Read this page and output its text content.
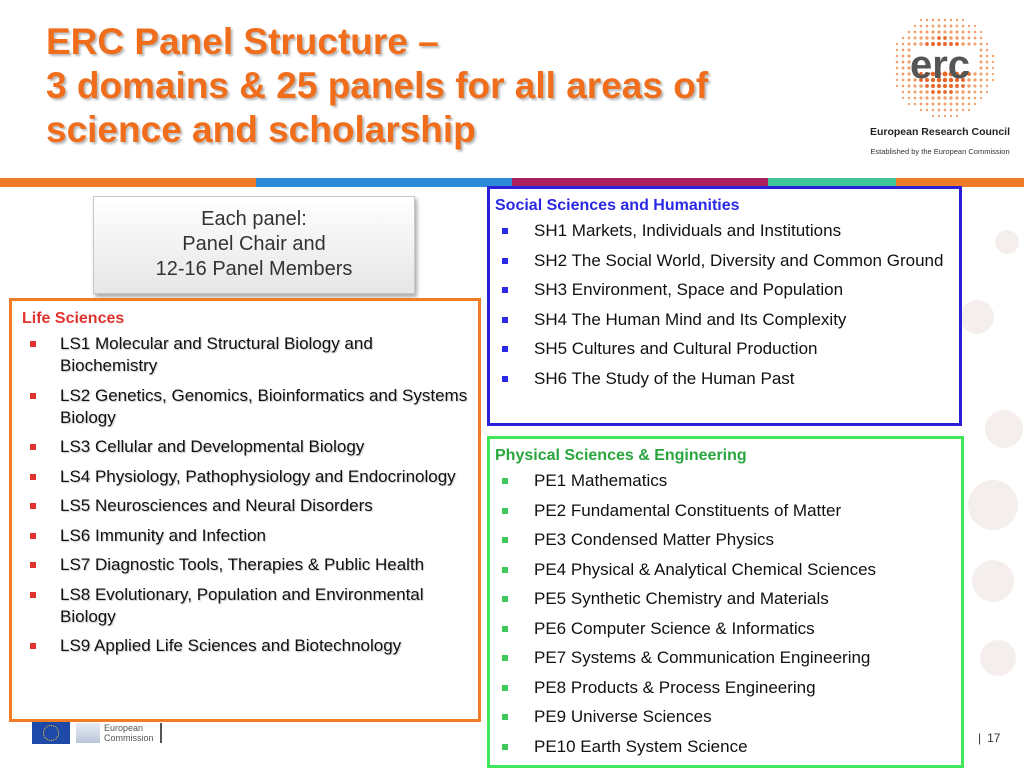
ERC Panel Structure –
3 domains & 25 panels for all areas of
science and scholarship
erc
European Research Council
Established by the European Commission
Each panel:
Panel Chair and
12-16 Panel Members
Life Sciences
LS1 Molecular and Structural Biology and Biochemistry
LS2 Genetics, Genomics, Bioinformatics and Systems Biology
LS3 Cellular and Developmental Biology
LS4 Physiology, Pathophysiology and Endocrinology
LS5 Neurosciences and Neural Disorders
LS6 Immunity and Infection
LS7 Diagnostic Tools, Therapies & Public Health
LS8 Evolutionary, Population and Environmental Biology
LS9 Applied Life Sciences and Biotechnology
Social Sciences and Humanities
SH1 Markets, Individuals and Institutions
SH2 The Social World, Diversity and Common Ground
SH3 Environment, Space and Population
SH4 The Human Mind and Its Complexity
SH5 Cultures and Cultural Production
SH6 The Study of the Human Past
Physical Sciences & Engineering
PE1 Mathematics
PE2 Fundamental Constituents of Matter
PE3 Condensed Matter Physics
PE4 Physical & Analytical Chemical Sciences
PE5 Synthetic Chemistry and Materials
PE6 Computer Science & Informatics
PE7 Systems & Communication Engineering
PE8 Products & Process Engineering
PE9 Universe Sciences
PE10 Earth System Science
European
Commission	| 17
